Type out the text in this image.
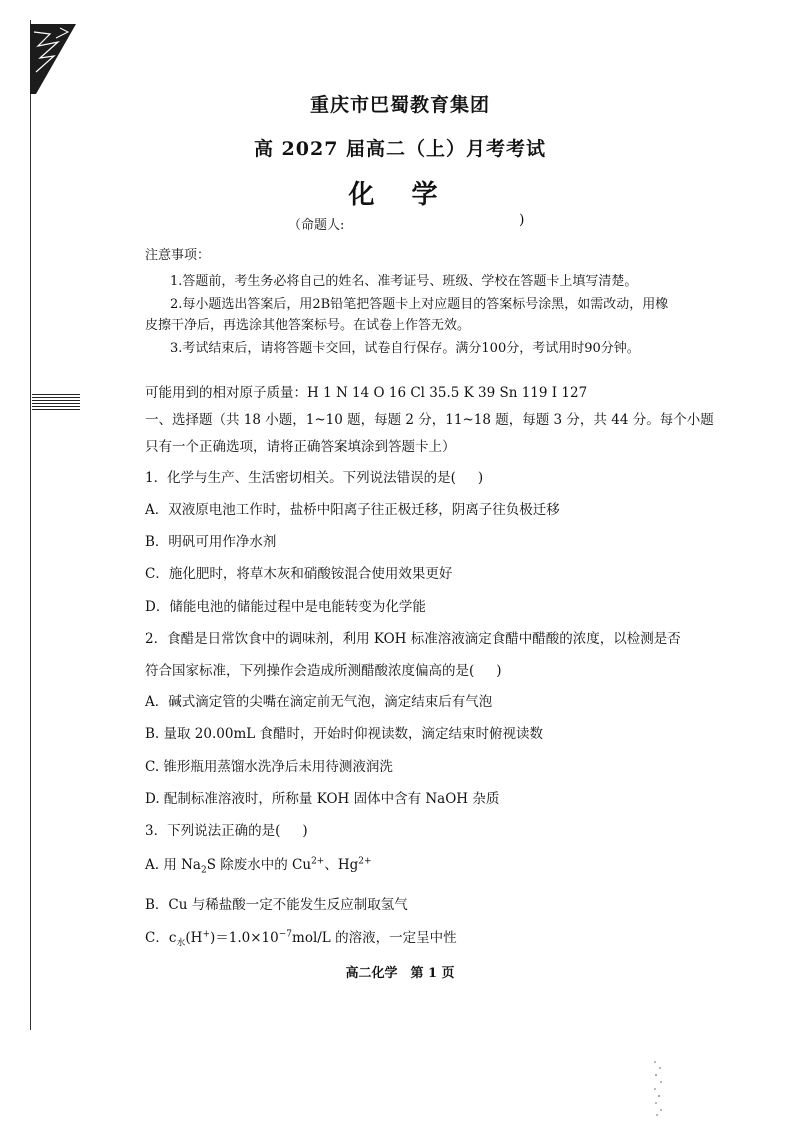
重庆市巴蜀教育集团
高 2027 届高二（上）月考考试
化 学
（命题人:	)
注意事项：
1.答题前，考生务必将自己的姓名、准考证号、班级、学校在答题卡上填写清楚。
2.每小题选出答案后，用2B铅笔把答题卡上对应题目的答案标号涂黑，如需改动，用橡
皮擦干净后，再选涂其他答案标号。在试卷上作答无效。
3.考试结束后，请将答题卡交回，试卷自行保存。满分100分，考试用时90分钟。
可能用到的相对原子质量：H 1 N 14 O 16 Cl 35.5 K 39 Sn 119 I 127
一、选择题（共 18 小题，1~10 题，每题 2 分，11~18 题，每题 3 分，共 44 分。每个小题
只有一个正确选项，请将正确答案填涂到答题卡上）
1．化学与生产、生活密切相关。下列说法错误的是( )
A．双液原电池工作时，盐桥中阳离子往正极迁移，阴离子往负极迁移
B．明矾可用作净水剂
C．施化肥时，将草木灰和硝酸铵混合使用效果更好
D．储能电池的储能过程中是电能转变为化学能
2．食醋是日常饮食中的调味剂，利用 KOH 标准溶液滴定食醋中醋酸的浓度，以检测是否
符合国家标准，下列操作会造成所测醋酸浓度偏高的是( )
A．碱式滴定管的尖嘴在滴定前无气泡，滴定结束后有气泡
B. 量取 20.00mL 食醋时，开始时仰视读数，滴定结束时俯视读数
C. 锥形瓶用蒸馏水洗净后未用待测液润洗
D. 配制标准溶液时，所称量 KOH 固体中含有 NaOH 杂质
3．下列说法正确的是( )
A. 用 $Na_2S$ 除废水中的 $Cu^{2+}$、$Hg^{2+}$
B．Cu 与稀盐酸一定不能发生反应制取氢气
C．$c_水(H^+)=1.0\times 10^{-7}mol/L$ 的溶液，一定呈中性
高二化学　第 1 页
